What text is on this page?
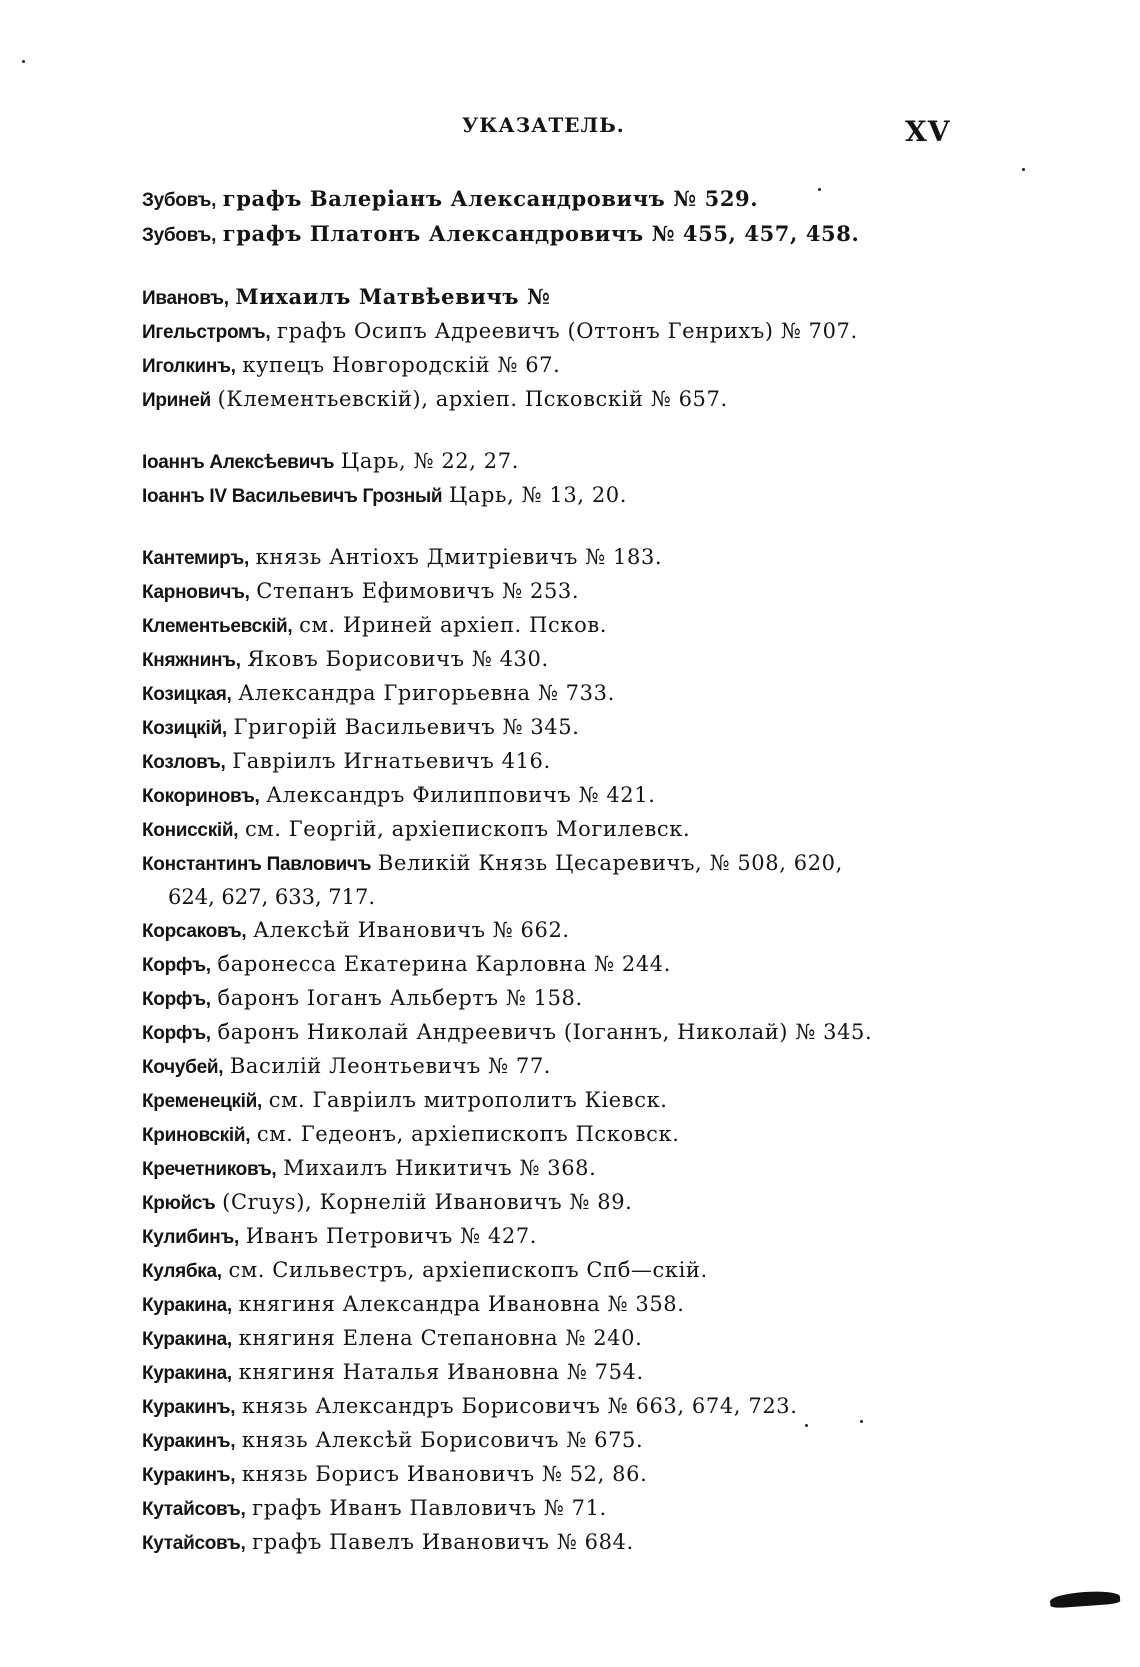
УКАЗАТЕЛЬ.	XV
Зубовъ, графъ Валеріанъ Александровичъ № 529.
Зубовъ, графъ Платонъ Александровичъ № 455, 457, 458.
Ивановъ, Михаилъ Матвѣевичъ №
Игельстромъ, графъ Осипъ Адреевичъ (Оттонъ Генрихъ) № 707.
Иголкинъ, купецъ Новгородскій № 67.
Ириней (Клементьевскій), архіеп. Псковскій № 657.
Іоаннъ Алексѣевичъ Царь, № 22, 27.
Іоаннъ IV Васильевичъ Грозный Царь, № 13, 20.
Кантемиръ, князь Антіохъ Дмитріевичъ № 183.
Карновичъ, Степанъ Ефимовичъ № 253.
Клементьевскій, см. Ириней архіеп. Псков.
Княжнинъ, Яковъ Борисовичъ № 430.
Козицкая, Александра Григорьевна № 733.
Козицкій, Григорій Васильевичъ № 345.
Козловъ, Гавріилъ Игнатьевичъ 416.
Кокориновъ, Александръ Филипповичъ № 421.
Конисскій, см. Георгій, архіепископъ Могилевск.
Константинъ Павловичъ Великій Князь Цесаревичъ, № 508, 620,
624, 627, 633, 717.
Корсаковъ, Алексѣй Ивановичъ № 662.
Корфъ, баронесса Екатерина Карловна № 244.
Корфъ, баронъ Іоганъ Альбертъ № 158.
Корфъ, баронъ Николай Андреевичъ (Іоганнъ, Николай) № 345.
Кочубей, Василій Леонтьевичъ № 77.
Кременецкій, см. Гавріилъ митрополитъ Кіевск.
Криновскій, см. Гедеонъ, архіепископъ Псковск.
Кречетниковъ, Михаилъ Никитичъ № 368.
Крюйсъ (Cruys), Корнелій Ивановичъ № 89.
Кулибинъ, Иванъ Петровичъ № 427.
Кулябка, см. Сильвестръ, архіепископъ Спб—скій.
Куракина, княгиня Александра Ивановна № 358.
Куракина, княгиня Елена Степановна № 240.
Куракина, княгиня Наталья Ивановна № 754.
Куракинъ, князь Александръ Борисовичъ № 663, 674, 723.
Куракинъ, князь Алексѣй Борисовичъ № 675.
Куракинъ, князь Борисъ Ивановичъ № 52, 86.
Кутайсовъ, графъ Иванъ Павловичъ № 71.
Кутайсовъ, графъ Павелъ Ивановичъ № 684.
